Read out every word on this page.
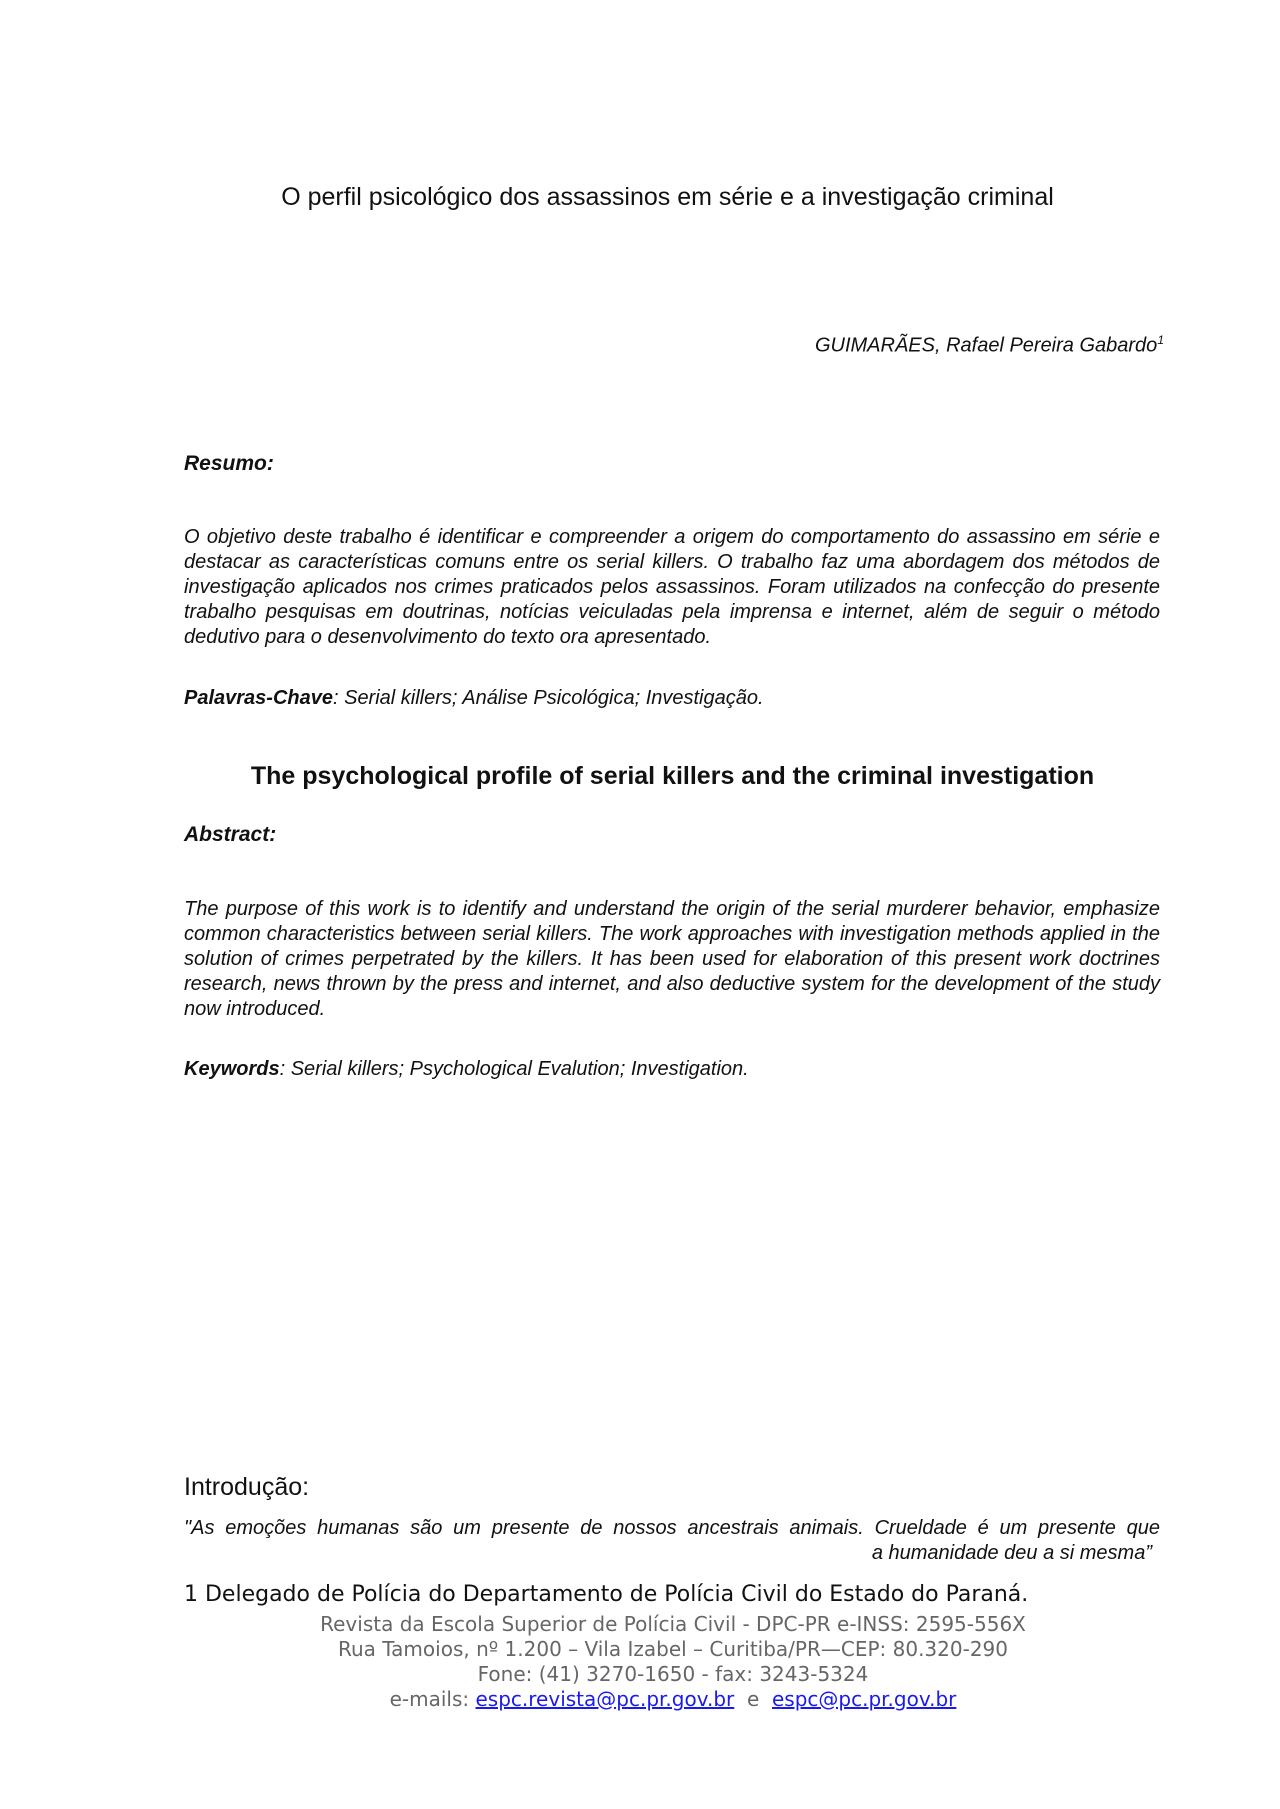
O perfil psicológico dos assassinos em série e a investigação criminal
GUIMARÃES, Rafael Pereira Gabardo$^1$
Resumo:
O objetivo deste trabalho é identificar e compreender a origem do comportamento do assassino em série e destacar as características comuns entre os serial killers. O trabalho faz uma abordagem dos métodos de investigação aplicados nos crimes praticados pelos assassinos. Foram utilizados na confecção do presente trabalho pesquisas em doutrinas, notícias veiculadas pela imprensa e internet, além de seguir o método dedutivo para o desenvolvimento do texto ora apresentado.
Palavras-Chave: Serial killers; Análise Psicológica; Investigação.
The psychological profile of serial killers and the criminal investigation
Abstract:
The purpose of this work is to identify and understand the origin of the serial murderer behavior, emphasize common characteristics between serial killers. The work approaches with investigation methods applied in the solution of crimes perpetrated by the killers. It has been used for elaboration of this present work doctrines research, news thrown by the press and internet, and also deductive system for the development of the study now introduced.
Keywords: Serial killers; Psychological Evalution; Investigation.
Introdução:
"As emoções humanas são um presente de nossos ancestrais animais. Crueldade é um presente que
a humanidade deu a si mesma”
1 Delegado de Polícia do Departamento de Polícia Civil do Estado do Paraná.
Revista da Escola Superior de Polícia Civil - DPC-PR e-INSS: 2595-556X
Rua Tamoios, nº 1.200 – Vila Izabel – Curitiba/PR—CEP: 80.320-290
Fone: (41) 3270-1650 - fax: 3243-5324
e-mails: espc.revista@pc.pr.gov.br  e  espc@pc.pr.gov.br
